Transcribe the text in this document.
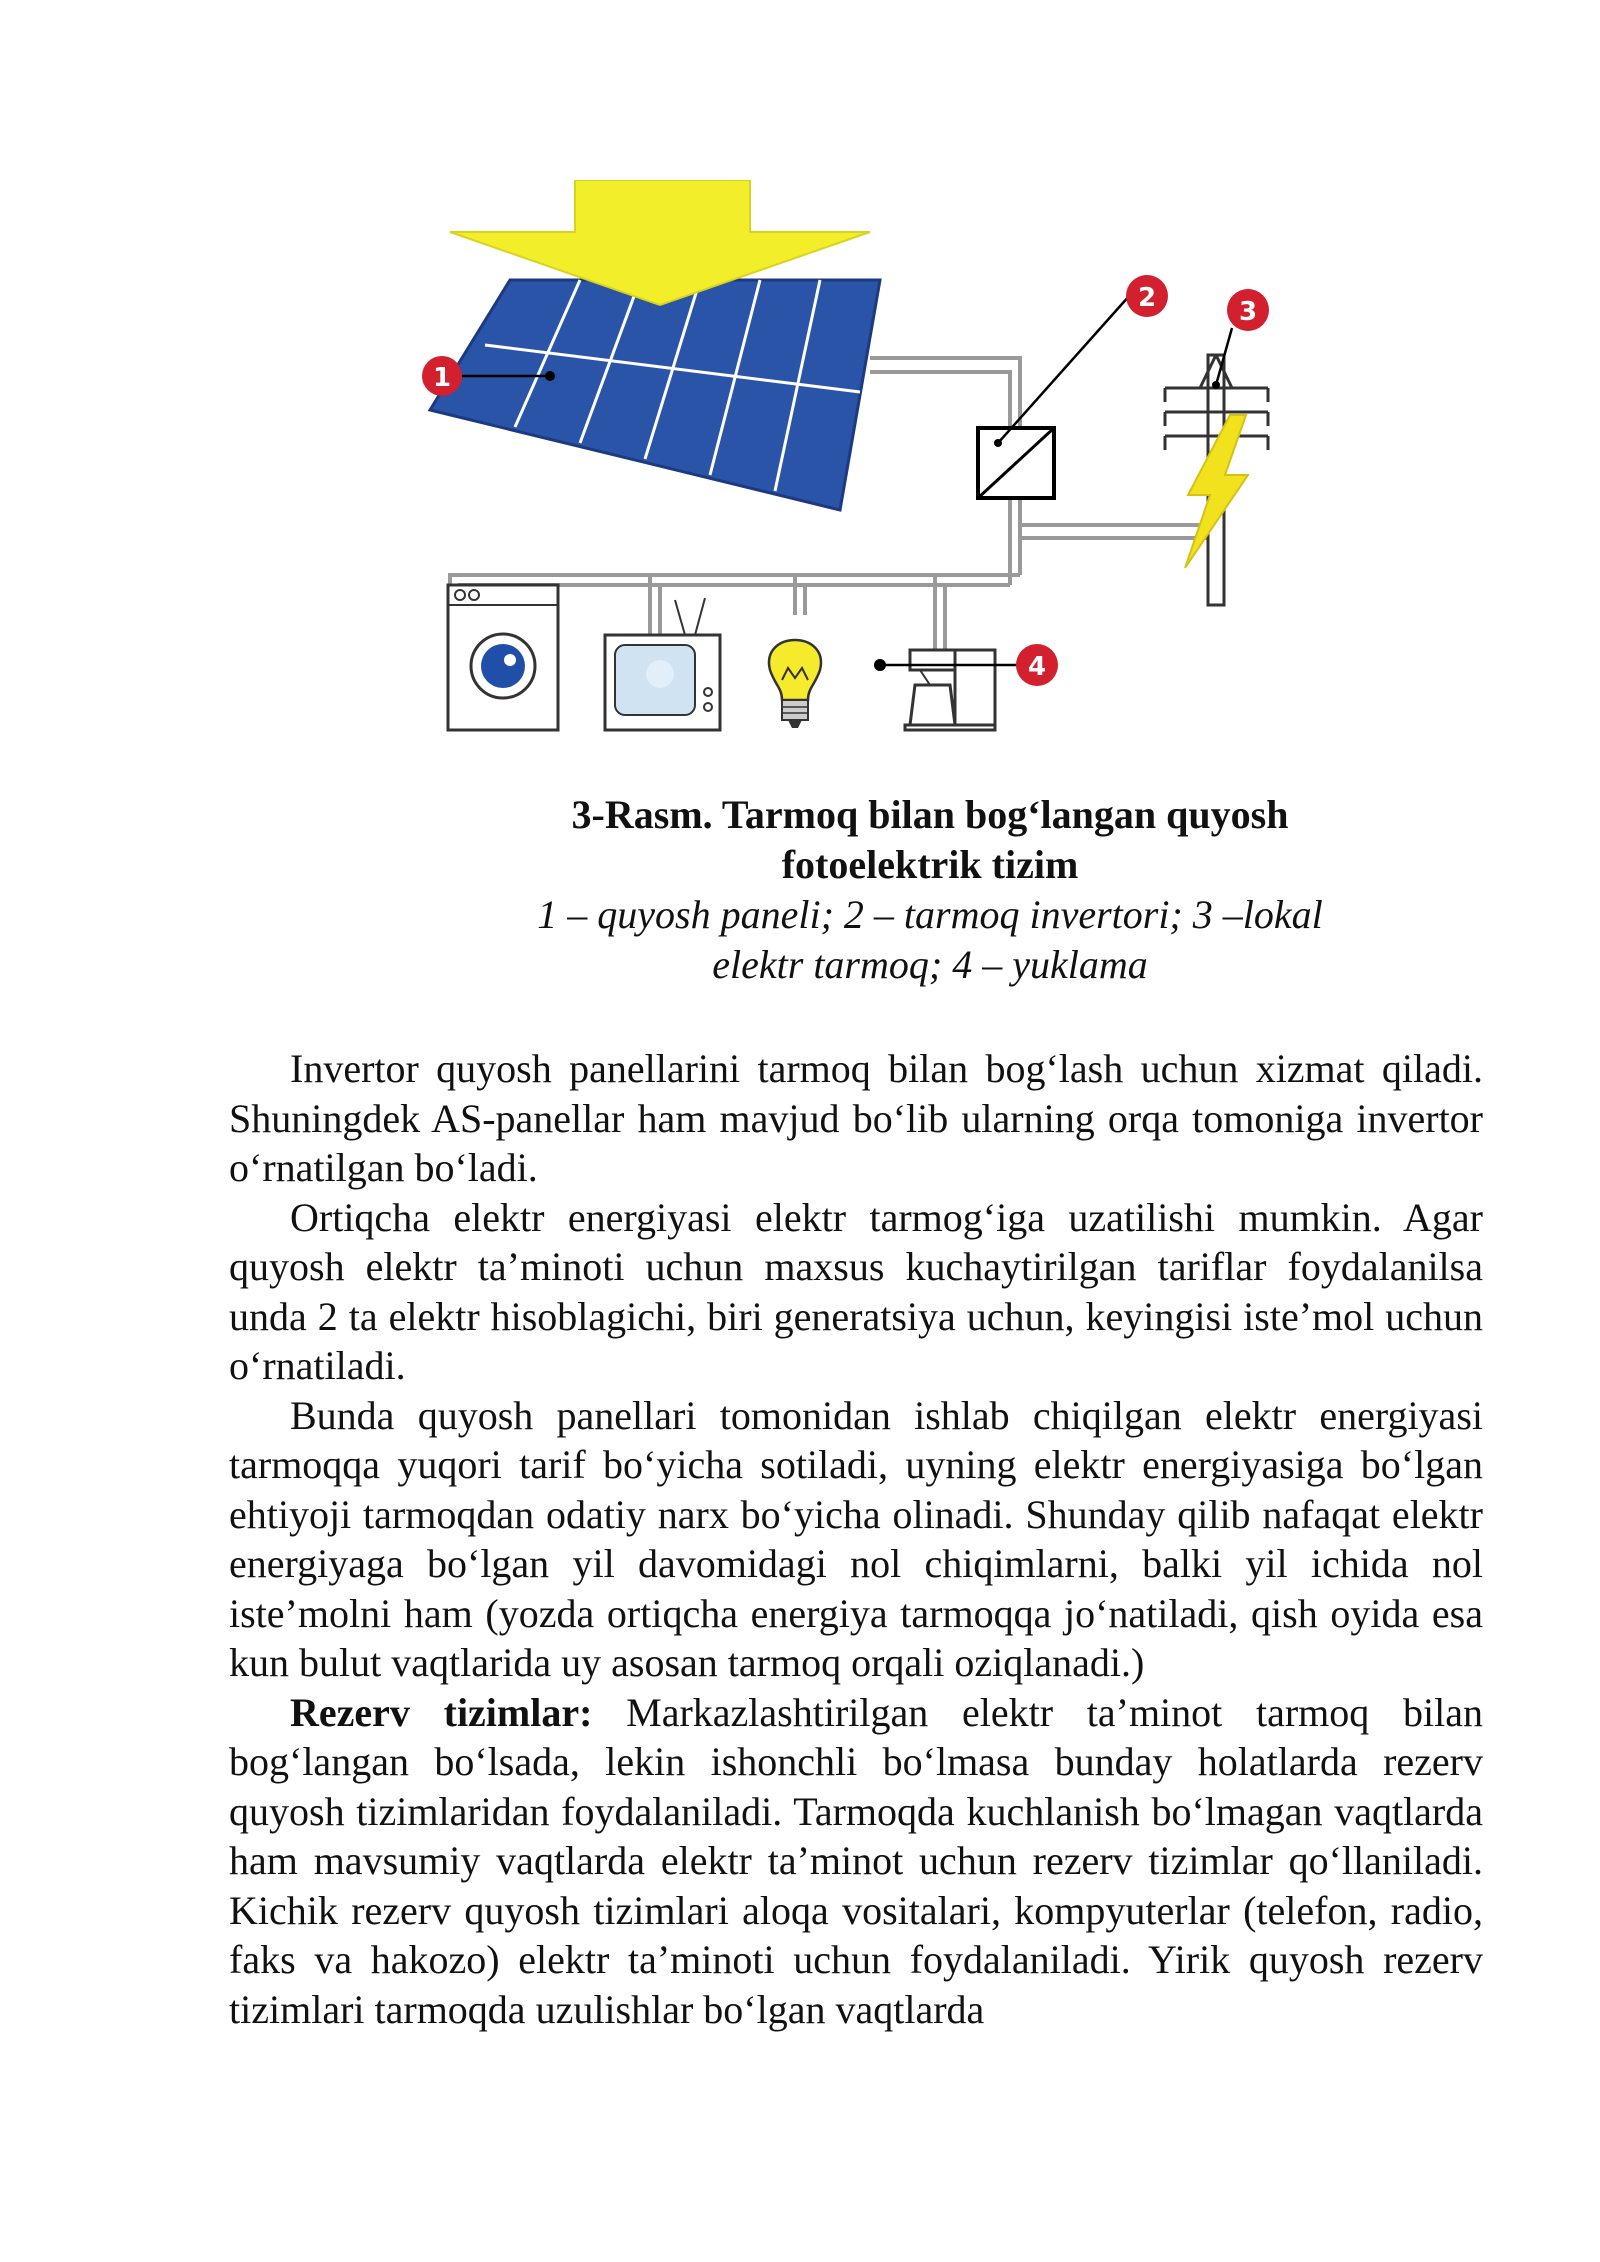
1
2	3
4
3-Rasm. Tarmoq bilan bog‘langan quyosh
fotoelektrik tizim
1 – quyosh paneli; 2 – tarmoq invertori; 3 –lokal
elektr tarmoq; 4 – yuklama

Invertor quyosh panellarini tarmoq bilan bog‘lash uchun xizmat qiladi. Shuningdek AS-panellar ham mavjud bo‘lib ularning orqa tomoniga invertor o‘rnatilgan bo‘ladi.

Ortiqcha elektr energiyasi elektr tarmog‘iga uzatilishi mumkin. Agar quyosh elektr ta’minoti uchun maxsus kuchaytirilgan tariflar foydalanilsa unda 2 ta elektr hisoblagichi, biri generatsiya uchun, keyingisi iste’mol uchun o‘rnatiladi.

Bunda quyosh panellari tomonidan ishlab chiqilgan elektr energiyasi tarmoqqa yuqori tarif bo‘yicha sotiladi, uyning elektr energiyasiga bo‘lgan ehtiyoji tarmoqdan odatiy narx bo‘yicha olinadi. Shunday qilib nafaqat elektr energiyaga bo‘lgan yil davomidagi nol chiqimlarni, balki yil ichida nol iste’molni ham (yozda ortiqcha energiya tarmoqqa jo‘natiladi, qish oyida esa kun bulut vaqtlarida uy asosan tarmoq orqali oziqlanadi.)

Rezerv tizimlar: Markazlashtirilgan elektr ta’minot tarmoq bilan bog‘langan bo‘lsada, lekin ishonchli bo‘lmasa bunday holatlarda rezerv quyosh tizimlaridan foydalaniladi. Tarmoqda kuchlanish bo‘lmagan vaqtlarda ham mavsumiy vaqtlarda elektr ta’minot uchun rezerv tizimlar qo‘llaniladi. Kichik rezerv quyosh tizimlari aloqa vositalari, kompyuterlar (telefon, radio, faks va hakozo) elektr ta’minoti uchun foydalaniladi. Yirik quyosh rezerv tizimlari tarmoqda uzulishlar bo‘lgan vaqtlarda
